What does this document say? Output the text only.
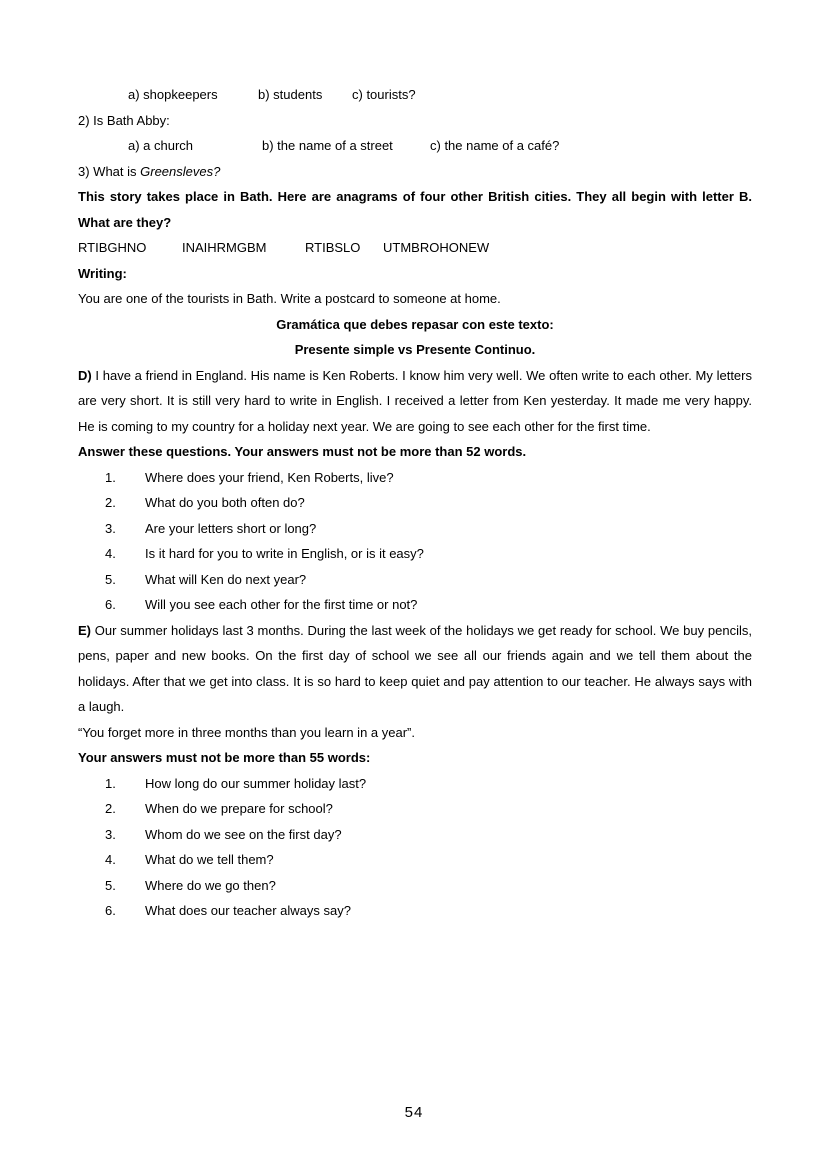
a) shopkeepers	b) students c) tourists?

2) Is Bath Abby:

a) a church	b) the name of a street	c) the name of a café?

3) What is Greensleves?

This story takes place in Bath. Here are anagrams of four other British cities. They all begin with letter B. What are they?

RTIBGHNO	INAIHRMGBM	RTIBSLO UTMBROHONEW

Writing:

You are one of the tourists in Bath. Write a postcard to someone at home.

Gramática que debes repasar con este texto:

Presente simple vs Presente Continuo.

D) I have a friend in England. His name is Ken Roberts. I know him very well. We often write to each other. My letters are very short. It is still very hard to write in English. I received a letter from Ken yesterday. It made me very happy. He is coming to my country for a holiday next year. We are going to see each other for the first time.

Answer these questions. Your answers must not be more than 52 words.

Where does your friend, Ken Roberts, live?
What do you both often do?
Are your letters short or long?
Is it hard for you to write in English, or is it easy?
What will Ken do next year?
Will you see each other for the first time or not?

E) Our summer holidays last 3 months. During the last week of the holidays we get ready for school. We buy pencils, pens, paper and new books. On the first day of school we see all our friends again and we tell them about the holidays. After that we get into class. It is so hard to keep quiet and pay attention to our teacher. He always says with a laugh.

“You forget more in three months than you learn in a year”.

Your answers must not be more than 55 words:

How long do our summer holiday last?
When do we prepare for school?
Whom do we see on the first day?
What do we tell them?
Where do we go then?
What does our teacher always say?
54
